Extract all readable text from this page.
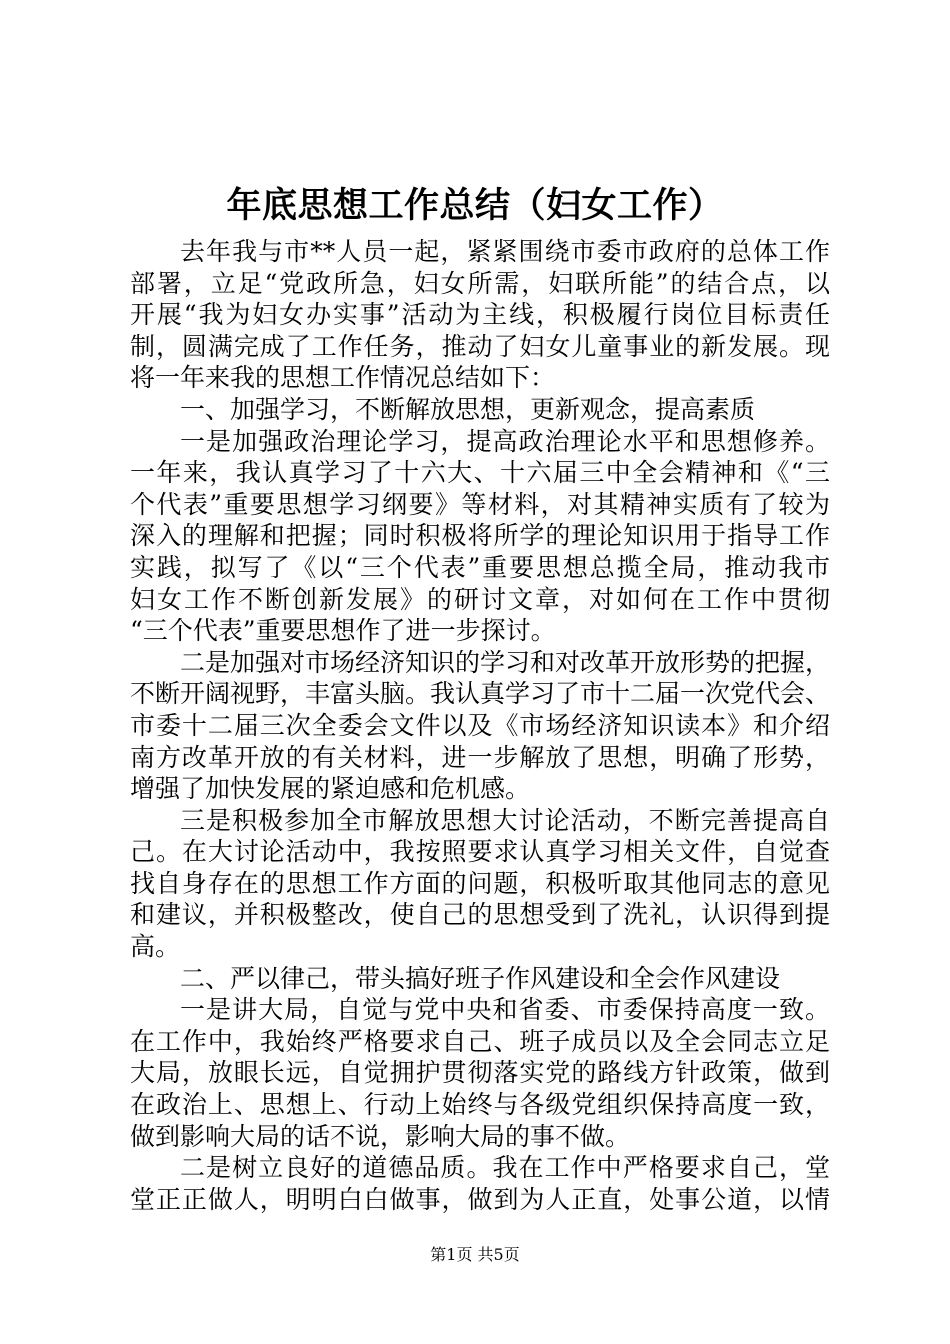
年底思想工作总结（妇女工作）
去年我与市**人员一起，紧紧围绕市委市政府的总体工作
部署，立足“党政所急，妇女所需，妇联所能”的结合点，以
开展“我为妇女办实事”活动为主线，积极履行岗位目标责任
制，圆满完成了工作任务，推动了妇女儿童事业的新发展。现
将一年来我的思想工作情况总结如下：
一、加强学习，不断解放思想，更新观念，提高素质
一是加强政治理论学习，提高政治理论水平和思想修养。
一年来，我认真学习了十六大、十六届三中全会精神和《“三
个代表”重要思想学习纲要》等材料，对其精神实质有了较为
深入的理解和把握；同时积极将所学的理论知识用于指导工作
实践，拟写了《以“三个代表”重要思想总揽全局，推动我市
妇女工作不断创新发展》的研讨文章，对如何在工作中贯彻
“三个代表”重要思想作了进一步探讨。
二是加强对市场经济知识的学习和对改革开放形势的把握，
不断开阔视野，丰富头脑。我认真学习了市十二届一次党代会、
市委十二届三次全委会文件以及《市场经济知识读本》和介绍
南方改革开放的有关材料，进一步解放了思想，明确了形势，
增强了加快发展的紧迫感和危机感。
三是积极参加全市解放思想大讨论活动，不断完善提高自
己。在大讨论活动中，我按照要求认真学习相关文件，自觉查
找自身存在的思想工作方面的问题，积极听取其他同志的意见
和建议，并积极整改，使自己的思想受到了洗礼，认识得到提
高。
二、严以律己，带头搞好班子作风建设和全会作风建设
一是讲大局，自觉与党中央和省委、市委保持高度一致。
在工作中，我始终严格要求自己、班子成员以及全会同志立足
大局，放眼长远，自觉拥护贯彻落实党的路线方针政策，做到
在政治上、思想上、行动上始终与各级党组织保持高度一致，
做到影响大局的话不说，影响大局的事不做。
二是树立良好的道德品质。我在工作中严格要求自己，堂
堂正正做人，明明白白做事，做到为人正直，处事公道，以情
第1页 共5页
